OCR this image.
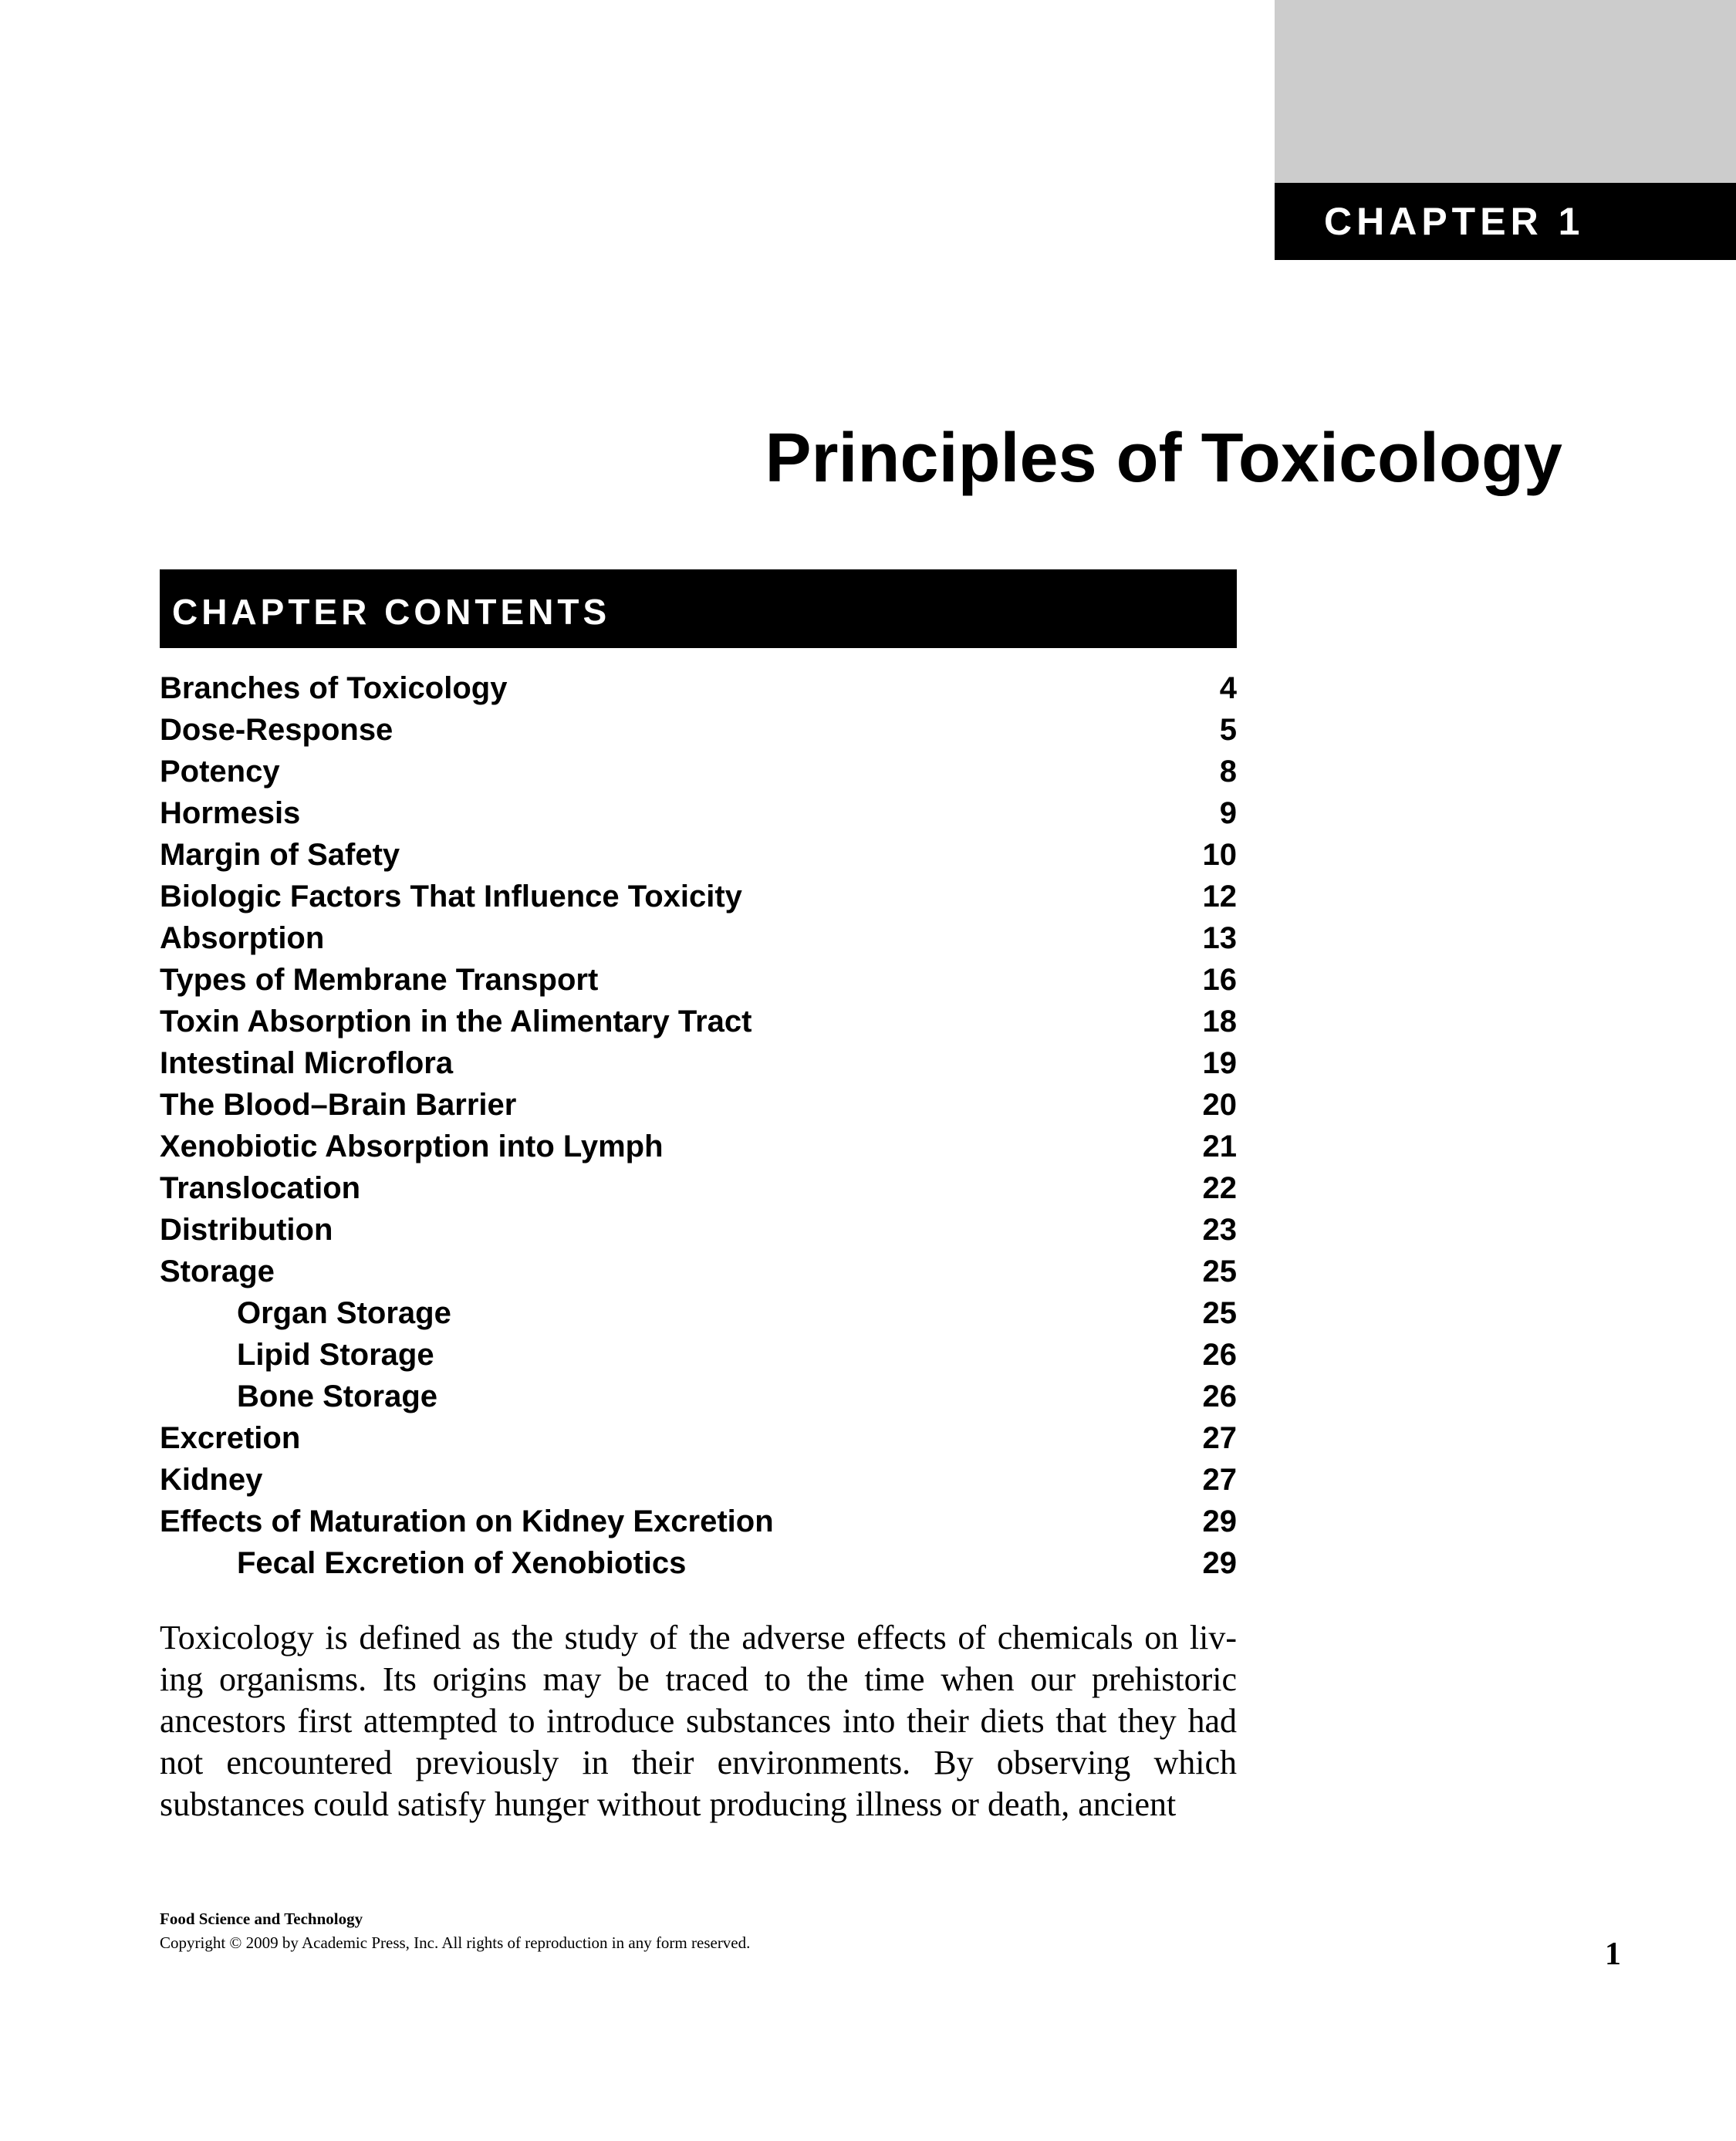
CHAPTER 1
Principles of Toxicology
CHAPTER CONTENTS
Branches of Toxicology	4
Dose-Response	5
Potency	8
Hormesis	9
Margin of Safety	10
Biologic Factors That Influence Toxicity	12
Absorption	13
Types of Membrane Transport	16
Toxin Absorption in the Alimentary Tract	18
Intestinal Microflora	19
The Blood–Brain Barrier	20
Xenobiotic Absorption into Lymph	21
Translocation	22
Distribution	23
Storage	25
Organ Storage	25
Lipid Storage	26
Bone Storage	26
Excretion	27
Kidney	27
Effects of Maturation on Kidney Excretion	29
Fecal Excretion of Xenobiotics	29

Toxicology is defined as the study of the adverse effects of chemicals on liv-ing organisms. Its origins may be traced to the time when our prehistoric ancestors first attempted to introduce substances into their diets that they had not encountered previously in their environments. By observing which substances could satisfy hunger without producing illness or death, ancient

Food Science and Technology
Copyright © 2009 by Academic Press, Inc. All rights of reproduction in any form reserved.	1
